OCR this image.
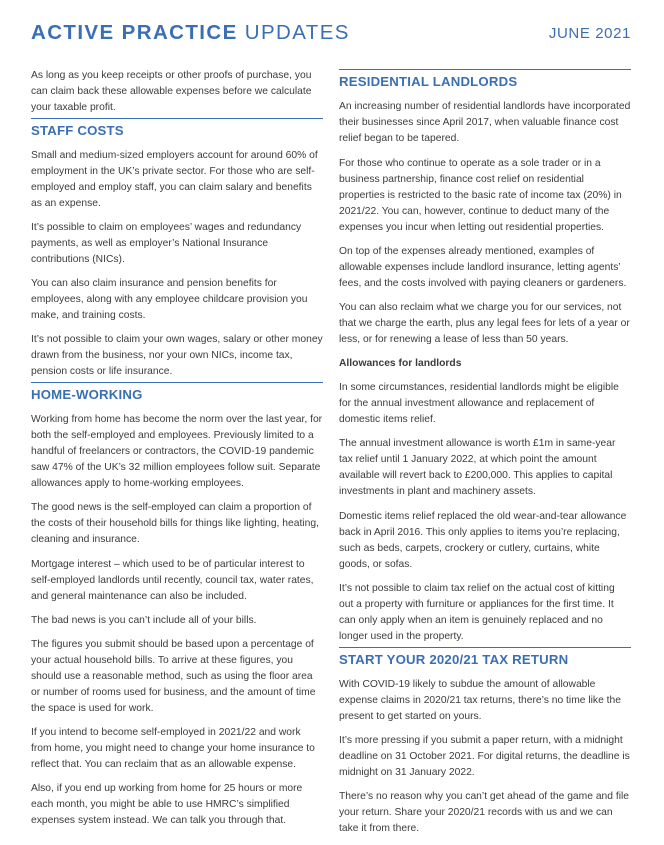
ACTIVE PRACTICE UPDATES	JUNE 2021

As long as you keep receipts or other proofs of purchase, you can claim back these allowable expenses before we calculate your taxable profit.

STAFF COSTS

Small and medium-sized employers account for around 60% of employment in the UK’s private sector. For those who are self-employed and employ staff, you can claim salary and benefits as an expense.

It’s possible to claim on employees’ wages and redundancy payments, as well as employer’s National Insurance contributions (NICs).

You can also claim insurance and pension benefits for employees, along with any employee childcare provision you make, and training costs.

It’s not possible to claim your own wages, salary or other money drawn from the business, nor your own NICs, income tax, pension costs or life insurance.

HOME-WORKING

Working from home has become the norm over the last year, for both the self-employed and employees. Previously limited to a handful of freelancers or contractors, the COVID-19 pandemic saw 47% of the UK’s 32 million employees follow suit. Separate allowances apply to home-working employees.

The good news is the self-employed can claim a proportion of the costs of their household bills for things like lighting, heating, cleaning and insurance.

Mortgage interest – which used to be of particular interest to self-employed landlords until recently, council tax, water rates, and general maintenance can also be included.

The bad news is you can’t include all of your bills.

The figures you submit should be based upon a percentage of your actual household bills. To arrive at these figures, you should use a reasonable method, such as using the floor area or number of rooms used for business, and the amount of time the space is used for work.

If you intend to become self-employed in 2021/22 and work from home, you might need to change your home insurance to reflect that. You can reclaim that as an allowable expense.

Also, if you end up working from home for 25 hours or more each month, you might be able to use HMRC’s simplified expenses system instead. We can talk you through that.

RESIDENTIAL LANDLORDS

An increasing number of residential landlords have incorporated their businesses since April 2017, when valuable finance cost relief began to be tapered.

For those who continue to operate as a sole trader or in a business partnership, finance cost relief on residential properties is restricted to the basic rate of income tax (20%) in 2021/22. You can, however, continue to deduct many of the expenses you incur when letting out residential properties.

On top of the expenses already mentioned, examples of allowable expenses include landlord insurance, letting agents’ fees, and the costs involved with paying cleaners or gardeners.

You can also reclaim what we charge you for our services, not that we charge the earth, plus any legal fees for lets of a year or less, or for renewing a lease of less than 50 years.

Allowances for landlords

In some circumstances, residential landlords might be eligible for the annual investment allowance and replacement of domestic items relief.

The annual investment allowance is worth £1m in same-year tax relief until 1 January 2022, at which point the amount available will revert back to £200,000. This applies to capital investments in plant and machinery assets.

Domestic items relief replaced the old wear-and-tear allowance back in April 2016. This only applies to items you’re replacing, such as beds, carpets, crockery or cutlery, curtains, white goods, or sofas.

It’s not possible to claim tax relief on the actual cost of kitting out a property with furniture or appliances for the first time. It can only apply when an item is genuinely replaced and no longer used in the property.

START YOUR 2020/21 TAX RETURN

With COVID-19 likely to subdue the amount of allowable expense claims in 2020/21 tax returns, there’s no time like the present to get started on yours.

It’s more pressing if you submit a paper return, with a midnight deadline on 31 October 2021. For digital returns, the deadline is midnight on 31 January 2022.

There’s no reason why you can’t get ahead of the game and file your return. Share your 2020/21 records with us and we can take it from there.
